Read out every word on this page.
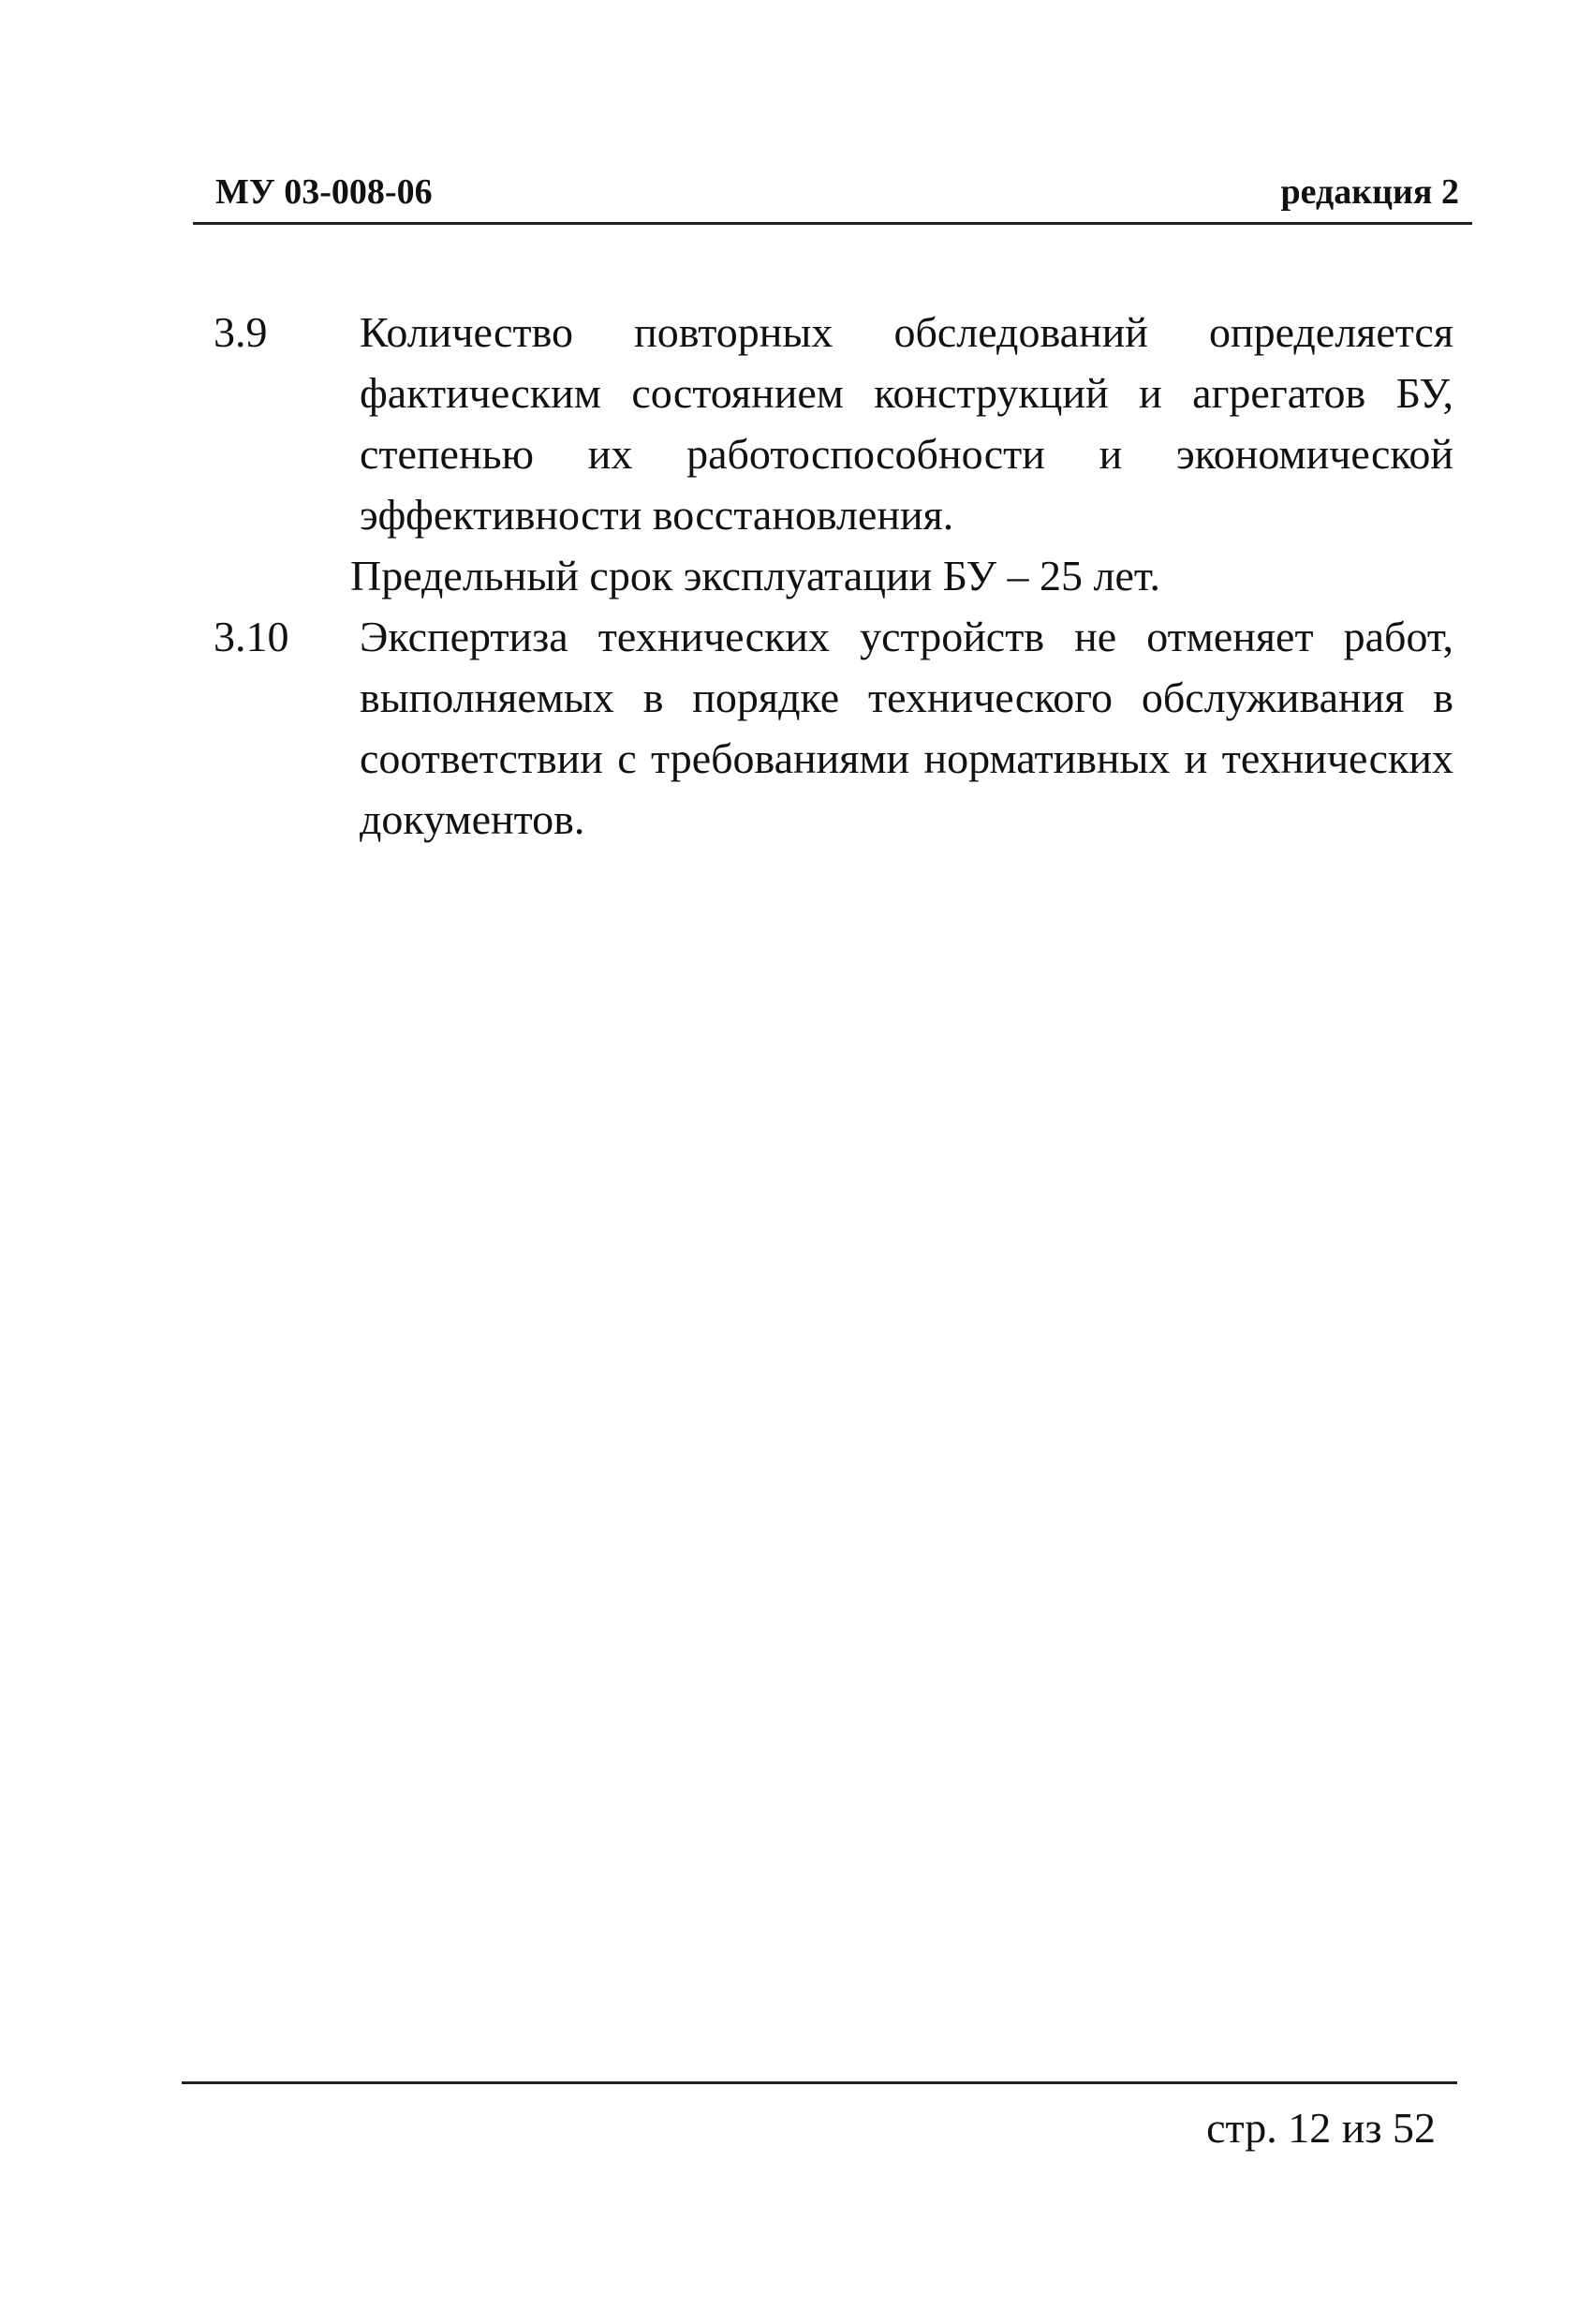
МУ 03-008-06	редакция 2
3.9	Количество повторных обследований определяется фактическим состоянием конструкций и агрегатов БУ, степенью их работоспособности и экономической эффективности восстановления.
Предельный срок эксплуатации БУ – 25 лет.
3.10	Экспертиза технических устройств не отменяет работ, выполняемых в порядке технического обслуживания в соответствии с требованиями нормативных и технических документов.
стр. 12 из 52
